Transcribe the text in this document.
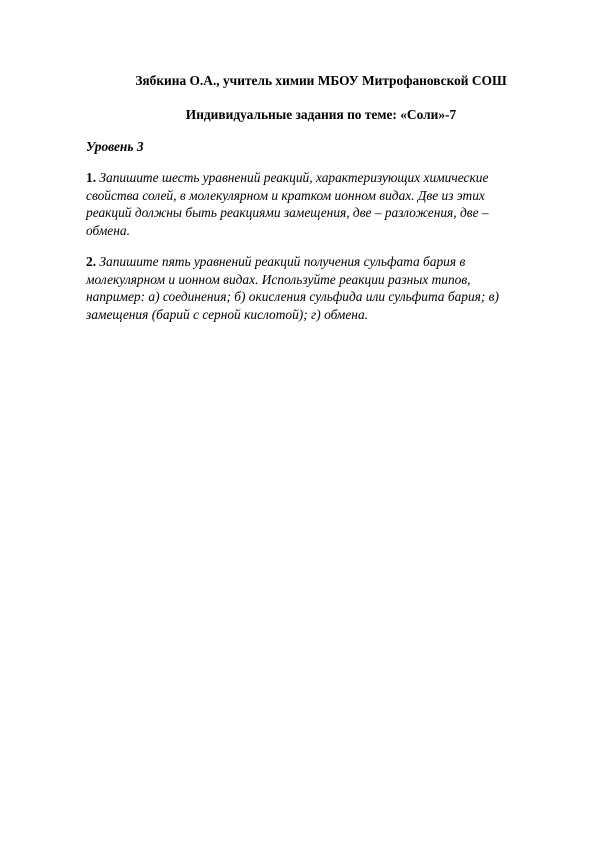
Зябкина О.А., учитель химии МБОУ Митрофановской СОШ
Индивидуальные задания по теме: «Соли»-7
Уровень 3
1. Запишите шесть уравнений реакций, характеризующих химические
свойства солей, в молекулярном и кратком ионном видах. Две из этих
реакций должны быть реакциями замещения, две – разложения, две –
обмена.
2. Запишите пять уравнений реакций получения сульфата бария в
молекулярном и ионном видах. Используйте реакции разных типов,
например: а) соединения; б) окисления сульфида или сульфита бария; в)
замещения (барий с серной кислотой); г) обмена.
